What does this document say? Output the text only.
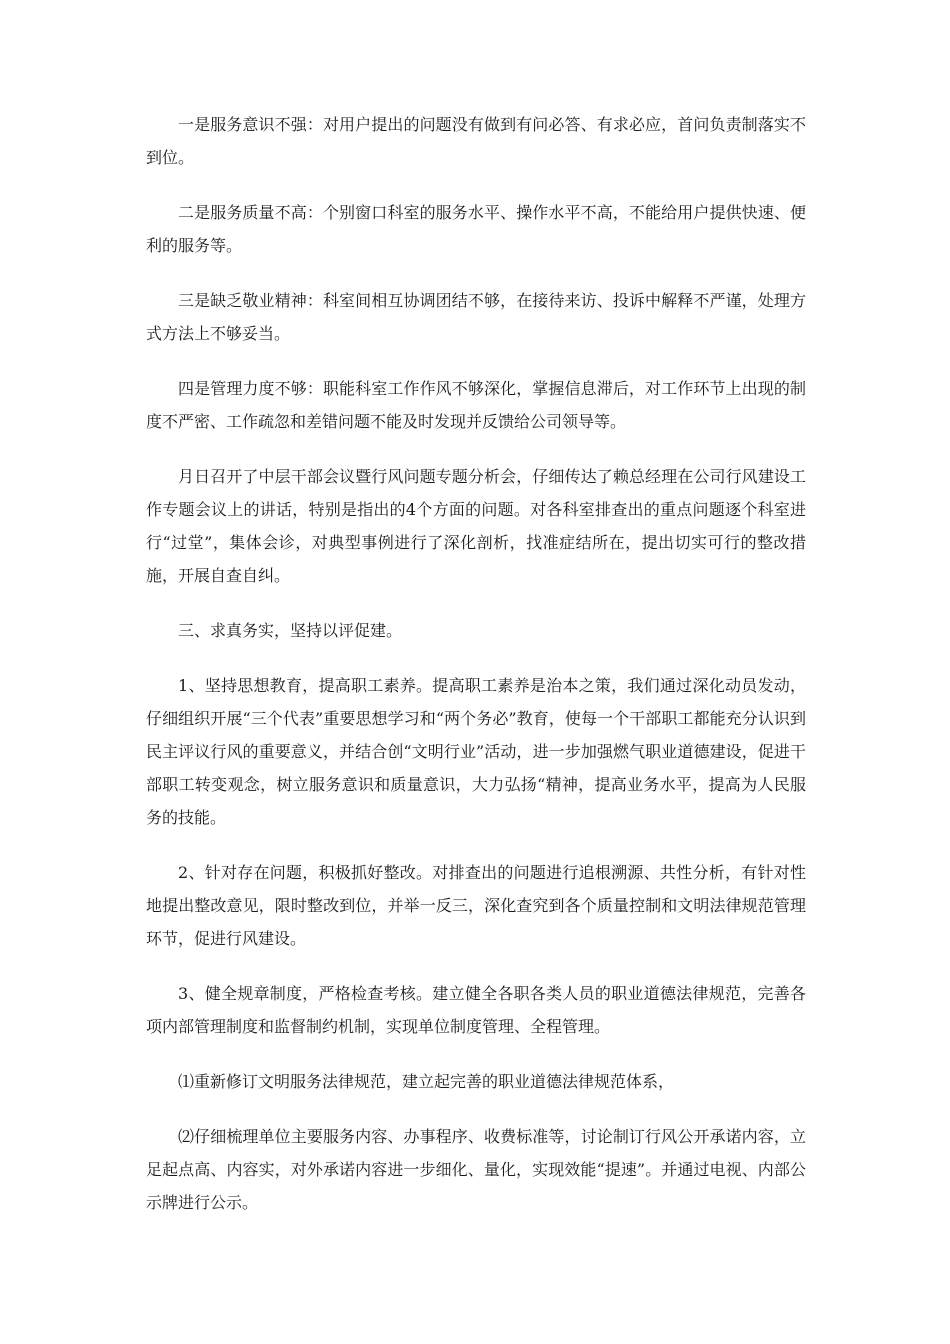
一是服务意识不强：对用户提出的问题没有做到有问必答、有求必应，首问负责制落实不到位。

二是服务质量不高：个别窗口科室的服务水平、操作水平不高，不能给用户提供快速、便利的服务等。

三是缺乏敬业精神：科室间相互协调团结不够，在接待来访、投诉中解释不严谨，处理方式方法上不够妥当。

四是管理力度不够：职能科室工作作风不够深化，掌握信息滞后，对工作环节上出现的制度不严密、工作疏忽和差错问题不能及时发现并反馈给公司领导等。

月日召开了中层干部会议暨行风问题专题分析会，仔细传达了赖总经理在公司行风建设工作专题会议上的讲话，特别是指出的4个方面的问题。对各科室排查出的重点问题逐个科室进行“过堂”，集体会诊，对典型事例进行了深化剖析，找准症结所在，提出切实可行的整改措施，开展自查自纠。

三、求真务实，坚持以评促建。

1、坚持思想教育，提高职工素养。提高职工素养是治本之策，我们通过深化动员发动，仔细组织开展“三个代表”重要思想学习和“两个务必”教育，使每一个干部职工都能充分认识到民主评议行风的重要意义，并结合创“文明行业”活动，进一步加强燃气职业道德建设，促进干部职工转变观念，树立服务意识和质量意识，大力弘扬“精神，提高业务水平，提高为人民服务的技能。

2、针对存在问题，积极抓好整改。对排查出的问题进行追根溯源、共性分析，有针对性地提出整改意见，限时整改到位，并举一反三，深化查究到各个质量控制和文明法律规范管理环节，促进行风建设。

3、健全规章制度，严格检查考核。建立健全各职各类人员的职业道德法律规范，完善各项内部管理制度和监督制约机制，实现单位制度管理、全程管理。

⑴重新修订文明服务法律规范，建立起完善的职业道德法律规范体系，

⑵仔细梳理单位主要服务内容、办事程序、收费标准等，讨论制订行风公开承诺内容，立足起点高、内容实，对外承诺内容进一步细化、量化，实现效能“提速”。并通过电视、内部公示牌进行公示。
